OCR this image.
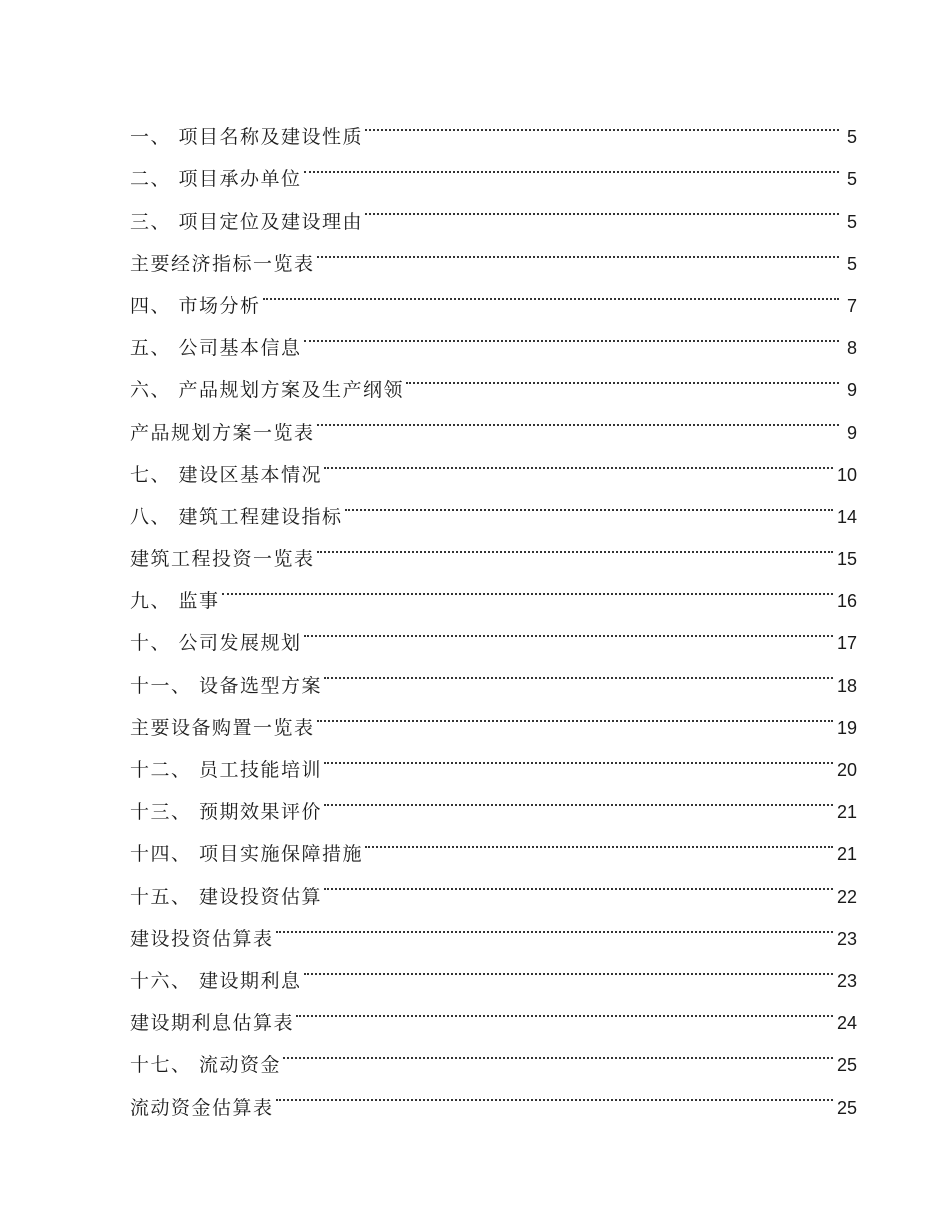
一、 项目名称及建设性质	5
二、 项目承办单位	5
三、 项目定位及建设理由	5
主要经济指标一览表	5
四、 市场分析	7
五、 公司基本信息	8
六、 产品规划方案及生产纲领	9
产品规划方案一览表	9
七、 建设区基本情况	10
八、 建筑工程建设指标	14
建筑工程投资一览表	15
九、 监事	16
十、 公司发展规划	17
十一、 设备选型方案	18
主要设备购置一览表	19
十二、 员工技能培训	20
十三、 预期效果评价	21
十四、 项目实施保障措施	21
十五、 建设投资估算	22
建设投资估算表	23
十六、 建设期利息	23
建设期利息估算表	24
十七、 流动资金	25
流动资金估算表	25
